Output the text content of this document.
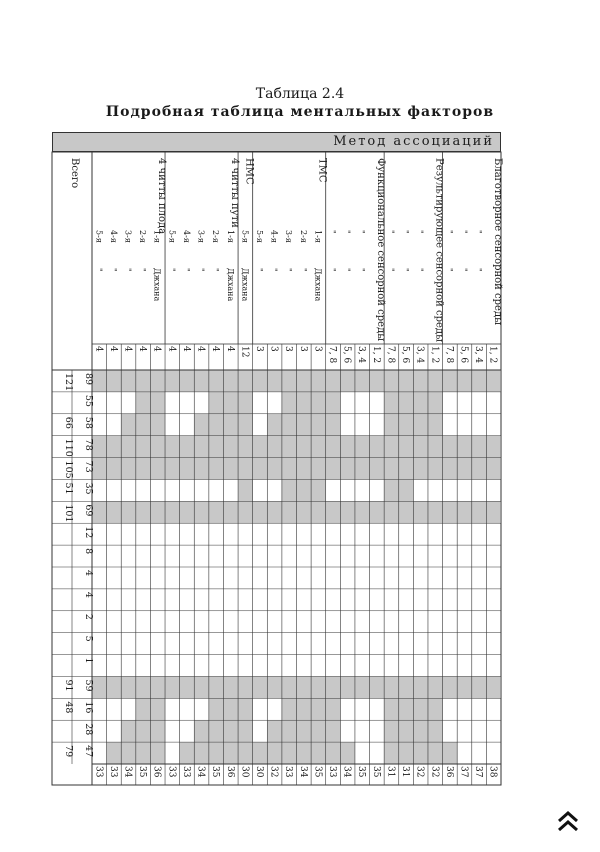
Таблица 2.4
Подробная таблица ментальных факторов
Метод ассоциаций
Благотворное сенсорной среды
Результирующее сенсорной среды
Функциональное сенсорной среды
ТМС
НМС
4 читты пути
4 читты плода
1, 2
38
"
"
3, 4
37
"
"
5, 6
37
"
"
7, 8
36
1, 2
32
"
"
3, 4
32
"
"
5, 6
31
"
"
7, 8
31
1, 2
35
"
"
3, 4
35
"
"
5, 6
34
"
"
7, 8
33
1-я
Джхана
3
35
2-я
"
3
34
3-я
"
3
33
4-я
"
3
32
5-я
"
3
30
5-я
Джхана
12
30
1-я
Джхана
4
36
2-я
"
4
35
3-я
"
4
34
4-я
"
4
33
5-я
"
4
33
1-я
Джхана
4
36
2-я
"
4
35
3-я
"
4
34
4-я
"
4
33
5-я
"
4
33
Всего
89
121
55
58
66
78
110
73
105
35
51
69
101
12
8
4
4
2
5
1
59
91
16
48
28
47
79
